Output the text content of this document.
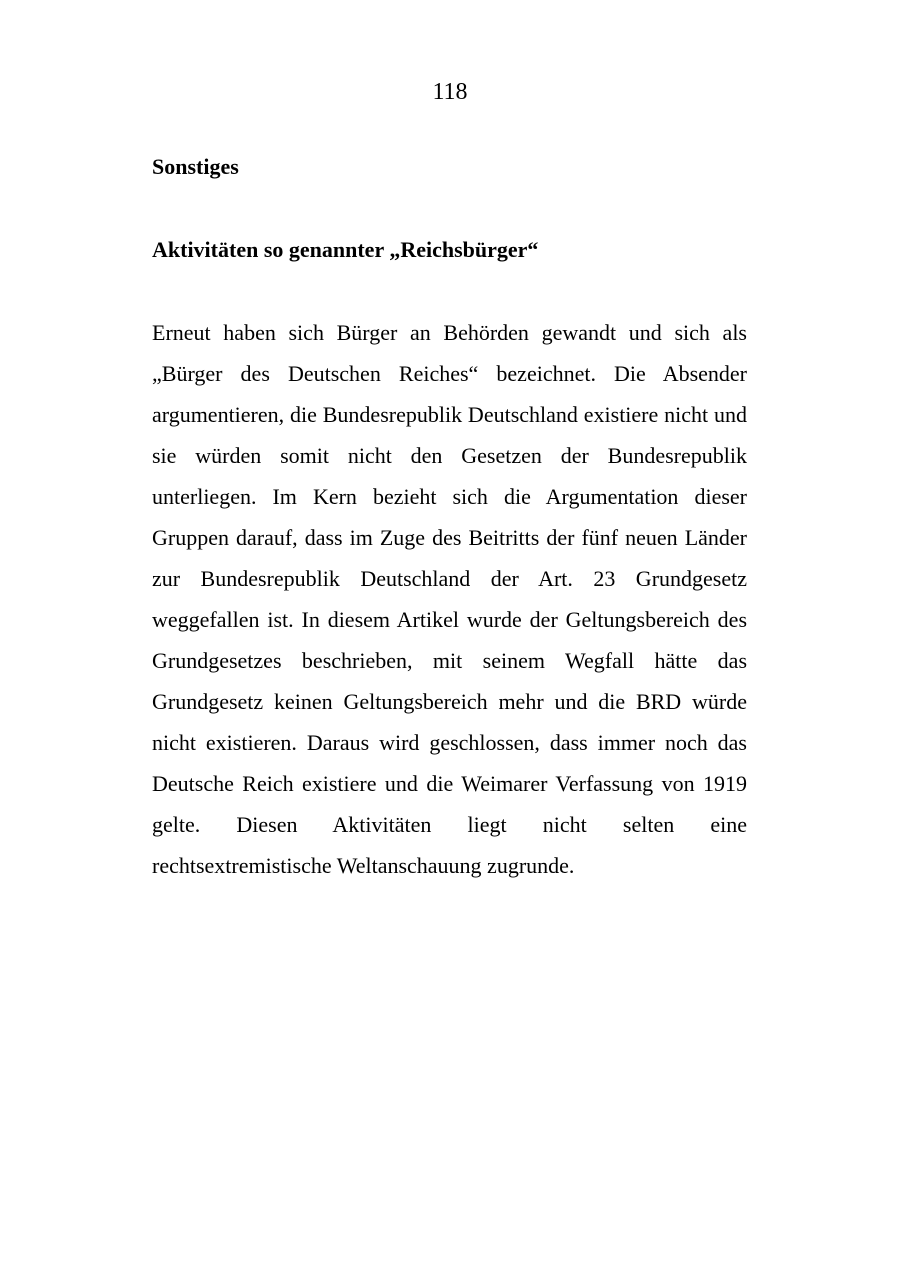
118
Sonstiges
Aktivitäten so genannter „Reichsbürger“

Erneut haben sich Bürger an Behörden gewandt und sich als „Bürger des Deutschen Reiches“ bezeichnet. Die Absender argumentieren, die Bundesrepublik Deutschland existiere nicht und sie würden somit nicht den Gesetzen der Bundesrepublik unterliegen. Im Kern bezieht sich die Argumentation dieser Gruppen darauf, dass im Zuge des Beitritts der fünf neuen Länder zur Bundesrepublik Deutschland der Art. 23 Grundgesetz weggefallen ist. In diesem Artikel wurde der Geltungsbereich des Grundgesetzes beschrieben, mit seinem Wegfall hätte das Grundgesetz keinen Geltungsbereich mehr und die BRD würde nicht existieren. Daraus wird geschlossen, dass immer noch das Deutsche Reich existiere und die Weimarer Verfassung von 1919 gelte. Diesen Aktivitäten liegt nicht selten eine rechtsextremistische Weltanschauung zugrunde.
